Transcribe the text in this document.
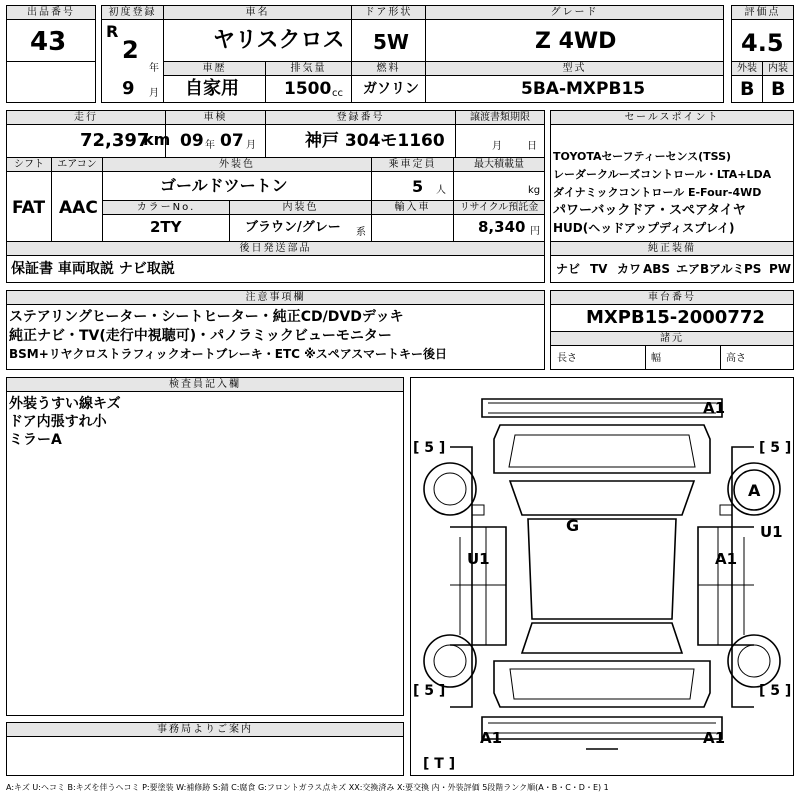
出品番号
43
初度登録
R
2
年
9 月
車名
ヤリスクロス
ドア形状
5W
グレード
Z 4WD
評価点
4.5
車歴
自家用
排気量
1500 cc
燃料
ガソリン
型式
5BA-MXPB15
外装	内装
B B
走行
72,397
km
車検
09 年 07 月
登録番号
神戸 304モ1160
譲渡書類期限
月	日
シフト
FAT
エアコン
AAC
外装色
ゴールドツートン
乗車定員
5 人
最大積載量
kg
カラーNo.
2TY
内装色
ブラウン/グレー 系
輸入車	リサイクル預託金
8,340 円
後日発送部品
保証書 車両取説 ナビ取説
セールスポイント
TOYOTAセーフティーセンス(TSS)
レーダークルーズコントロール・LTA+LDA
ダイナミックコントロール E-Four-4WD
パワーバックドア・スペアタイヤ
HUD(ヘッドアップディスプレイ)
純正装備
ナビ TV カワ ABS エアB アルミ PS PW
注意事項欄
ステアリングヒーター・シートヒーター・純正CD/DVDデッキ
純正ナビ・TV(走行中視聴可)・パノラミックビューモニター
BSM+リヤクロストラフィックオートブレーキ・ETC ※スペアスマートキー後日
車台番号
MXPB15-2000772
諸元
長さ	幅	高さ
検査員記入欄
外装うすい線キズ
ドア内張すれ小
ミラーA
事務局よりご案内
A1
[ 5 ]	[ 5 ]
A
U1
G
U1	A1
[ 5 ]	[ 5 ]
A1	A1
[ T ]
A:キズ U:ヘコミ B:キズを伴うヘコミ P:要塗装 W:補修跡 S:錆 C:腐食 G:フロントガラス点キズ XX:交換済み X:要交換 内・外装評価 5段階ランク順(A・B・C・D・E) 1
